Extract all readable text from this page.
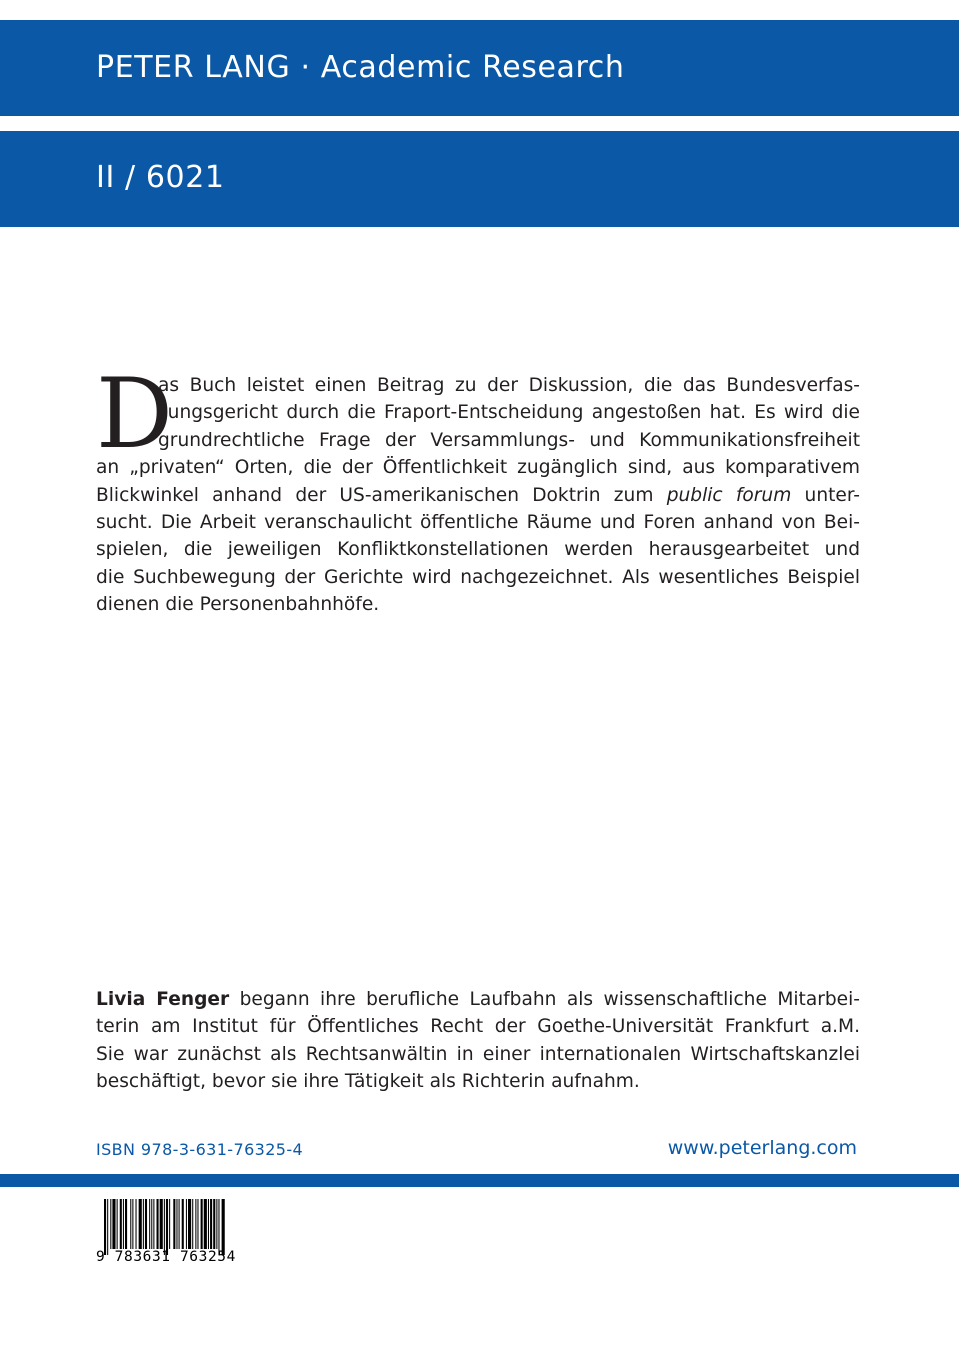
PETER LANG · Academic Research
II / 6021
D

as Buch leistet einen Beitrag zu der Diskussion, die das Bundesverfas-
sungsgericht durch die Fraport-Entscheidung angestoßen hat. Es wird die
grundrechtliche Frage der Versammlungs- und Kommunikationsfreiheit
an „privaten“ Orten, die der Öffentlichkeit zugänglich sind, aus komparativem
Blickwinkel anhand der US-amerikanischen Doktrin zum public forum unter-
sucht. Die Arbeit veranschaulicht öffentliche Räume und Foren anhand von Bei-
spielen, die jeweiligen Konfliktkonstellationen werden herausgearbeitet und
die Suchbewegung der Gerichte wird nachgezeichnet. Als wesentliches Beispiel
dienen die Personenbahnhöfe.

Livia Fenger begann ihre berufliche Laufbahn als wissenschaftliche Mitarbei-
terin am Institut für Öffentliches Recht der Goethe-Universität Frankfurt a.M.
Sie war zunächst als Rechtsanwältin in einer internationalen Wirtschaftskanzlei
beschäftigt, bevor sie ihre Tätigkeit als Richterin aufnahm.

ISBN 978-3-631-76325-4	www.peterlang.com
9 783631 763254
